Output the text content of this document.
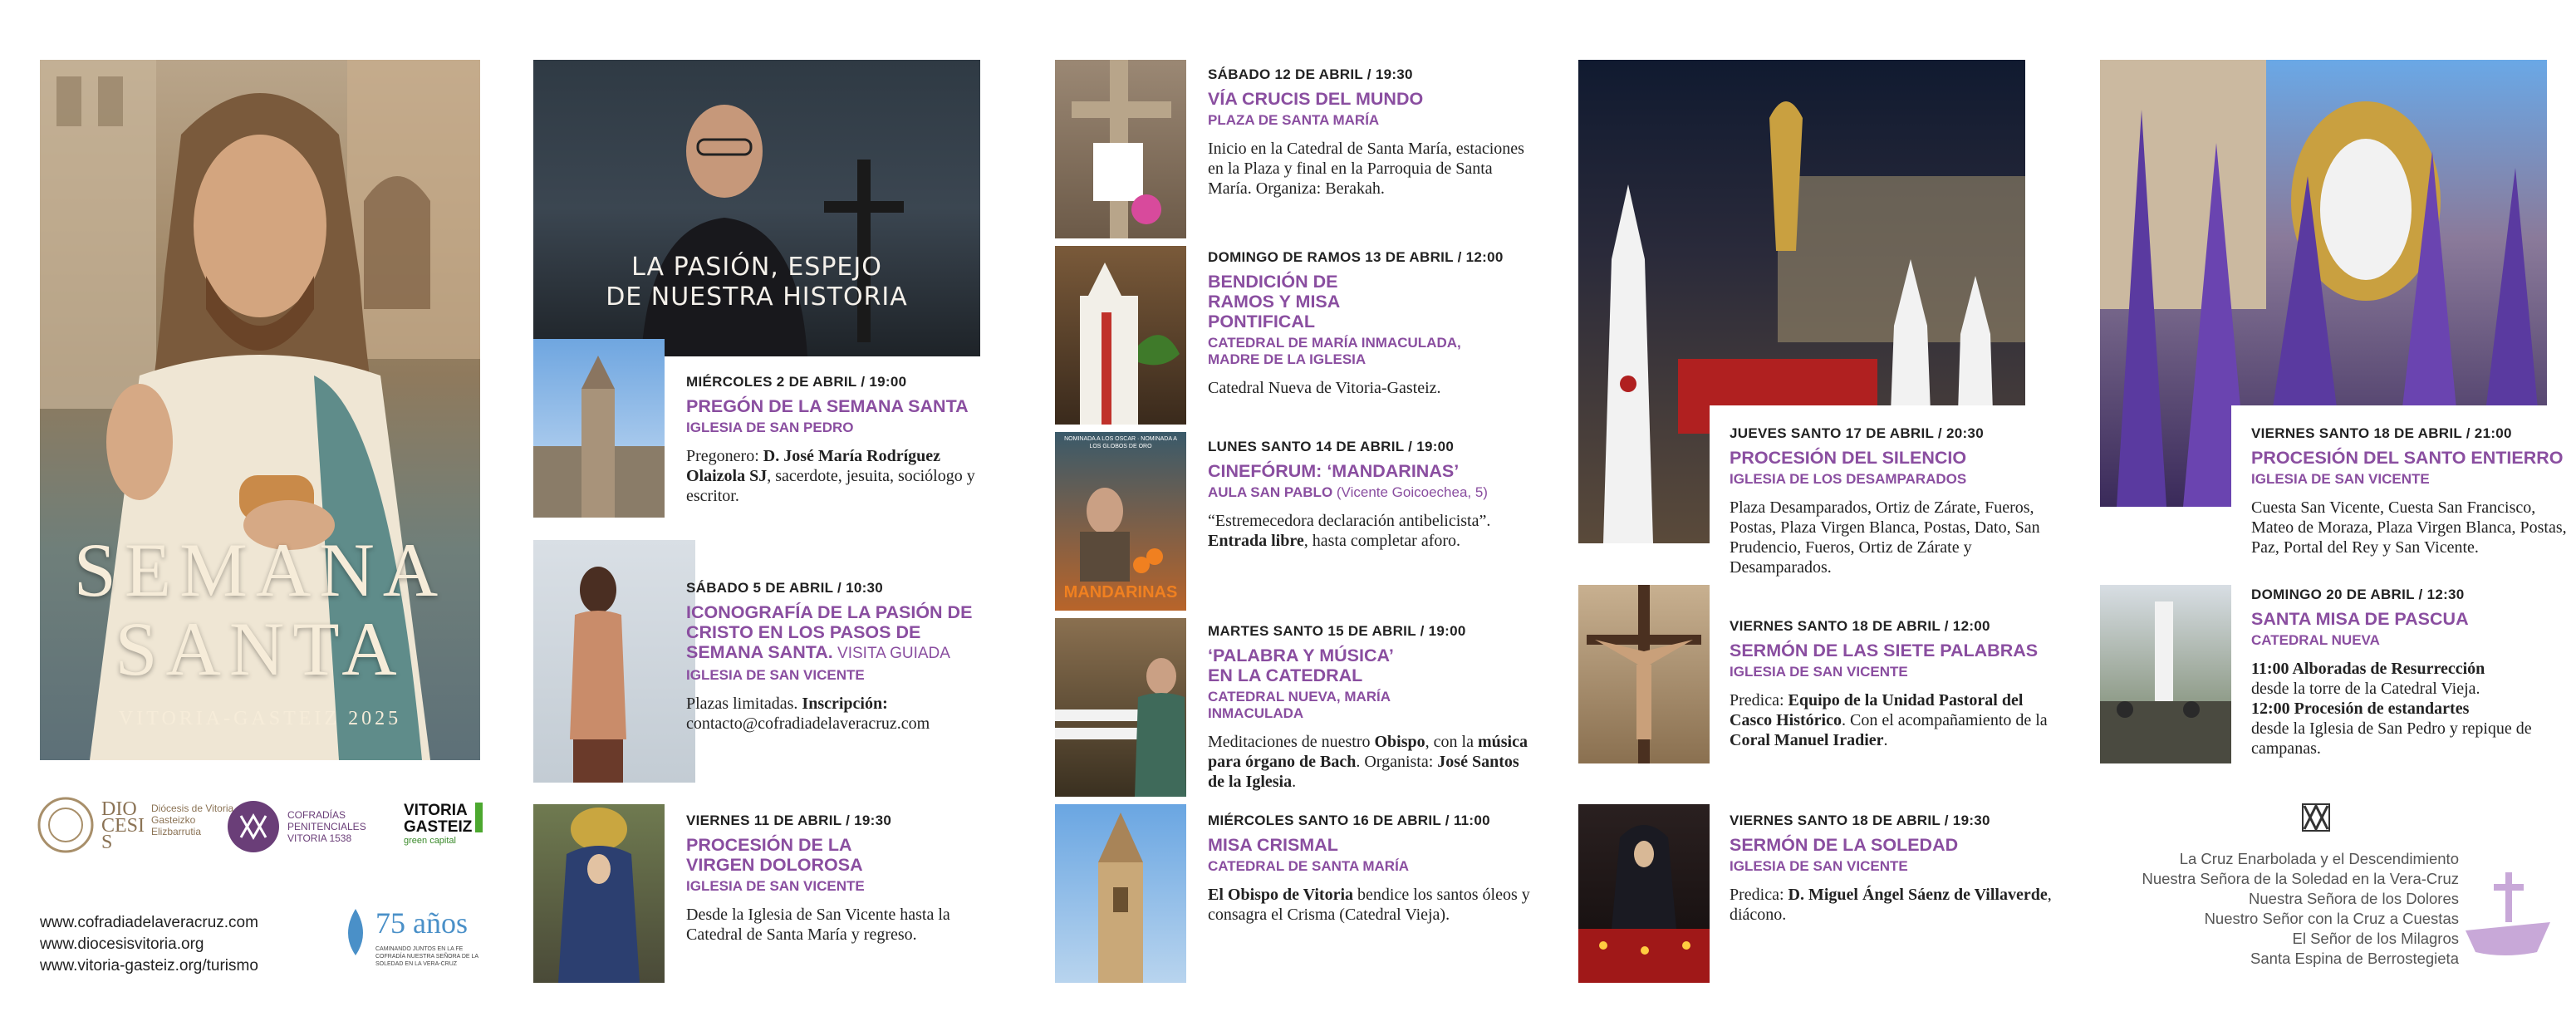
SEMANA
SANTA
VITORIA-GASTEIZ 2025
DIOCESIS
Diócesis de Vitoria Gasteizko Elizbarrutia
COFRADÍAS PENITENCIALES VITORIA 1538
VITORIA
GASTEIZ
green capital
www.cofradiadelaveracruz.com
www.diocesisvitoria.org
www.vitoria-gasteiz.org/turismo
75 años
CAMINANDO JUNTOS EN LA FE COFRADÍA NUESTRA SEÑORA DE LA SOLEDAD EN LA VERA-CRUZ
LA PASIÓN, ESPEJO
DE NUESTRA HISTORIA
MIÉRCOLES 2 DE ABRIL / 19:00
PREGÓN DE LA SEMANA SANTA
IGLESIA DE SAN PEDRO
Pregonero: D. José María Rodríguez Olaizola SJ, sacerdote, jesuita, sociólogo y escritor.
SÁBADO 5 DE ABRIL / 10:30
ICONOGRAFÍA DE LA PASIÓN DE CRISTO EN LOS PASOS DE SEMANA SANTA. VISITA GUIADA
IGLESIA DE SAN VICENTE
Plazas limitadas. Inscripción:
contacto@cofradiadelaveracruz.com
VIERNES 11 DE ABRIL / 19:30
PROCESIÓN DE LA VIRGEN DOLOROSA
IGLESIA DE SAN VICENTE
Desde la Iglesia de San Vicente hasta la Catedral de Santa María y regreso.
SÁBADO 12 DE ABRIL / 19:30
VÍA CRUCIS DEL MUNDO
PLAZA DE SANTA MARÍA
Inicio en la Catedral de Santa María, estaciones en la Plaza y final en la Parroquia de Santa María. Organiza: Berakah.
DOMINGO DE RAMOS 13 DE ABRIL / 12:00
BENDICIÓN DE RAMOS Y MISA PONTIFICAL
CATEDRAL DE MARÍA INMACULADA, MADRE DE LA IGLESIA
Catedral Nueva de Vitoria-Gasteiz.
NOMINADA A LOS OSCAR · NOMINADA A LOS GLOBOS DE ORO
MANDARINAS
LUNES SANTO 14 DE ABRIL / 19:00
CINEFÓRUM: ‘MANDARINAS’
AULA SAN PABLO (Vicente Goicoechea, 5)
“Estremecedora declaración antibelicista”.
Entrada libre, hasta completar aforo.
MARTES SANTO 15 DE ABRIL / 19:00
‘PALABRA Y MÚSICA’ EN LA CATEDRAL
CATEDRAL NUEVA, MARÍA INMACULADA
Meditaciones de nuestro Obispo, con la música para órgano de Bach. Organista: José Santos de la Iglesia.
MIÉRCOLES SANTO 16 DE ABRIL / 11:00
MISA CRISMAL
CATEDRAL DE SANTA MARÍA
El Obispo de Vitoria bendice los santos óleos y consagra el Crisma (Catedral Vieja).
JUEVES SANTO 17 DE ABRIL / 20:30
PROCESIÓN DEL SILENCIO
IGLESIA DE LOS DESAMPARADOS
Plaza Desamparados, Ortiz de Zárate, Fueros, Postas, Plaza Virgen Blanca, Postas, Dato, San Prudencio, Fueros, Ortiz de Zárate y Desamparados.
VIERNES SANTO 18 DE ABRIL / 12:00
SERMÓN DE LAS SIETE PALABRAS
IGLESIA DE SAN VICENTE
Predica: Equipo de la Unidad Pastoral del Casco Histórico. Con el acompañamiento de la Coral Manuel Iradier.
VIERNES SANTO 18 DE ABRIL / 19:30
SERMÓN DE LA SOLEDAD
IGLESIA DE SAN VICENTE
Predica: D. Miguel Ángel Sáenz de Villaverde, diácono.
VIERNES SANTO 18 DE ABRIL / 21:00
PROCESIÓN DEL SANTO ENTIERRO
IGLESIA DE SAN VICENTE
Cuesta San Vicente, Cuesta San Francisco, Mateo de Moraza, Plaza Virgen Blanca, Postas, Paz, Portal del Rey y San Vicente.
DOMINGO 20 DE ABRIL / 12:30
SANTA MISA DE PASCUA
CATEDRAL NUEVA
11:00 Alboradas de Resurrección
desde la torre de la Catedral Vieja.
12:00 Procesión de estandartes
desde la Iglesia de San Pedro y repique de campanas.
La Cruz Enarbolada y el Descendimiento
Nuestra Señora de la Soledad en la Vera-Cruz
Nuestra Señora de los Dolores
Nuestro Señor con la Cruz a Cuestas
El Señor de los Milagros
Santa Espina de Berrostegieta
